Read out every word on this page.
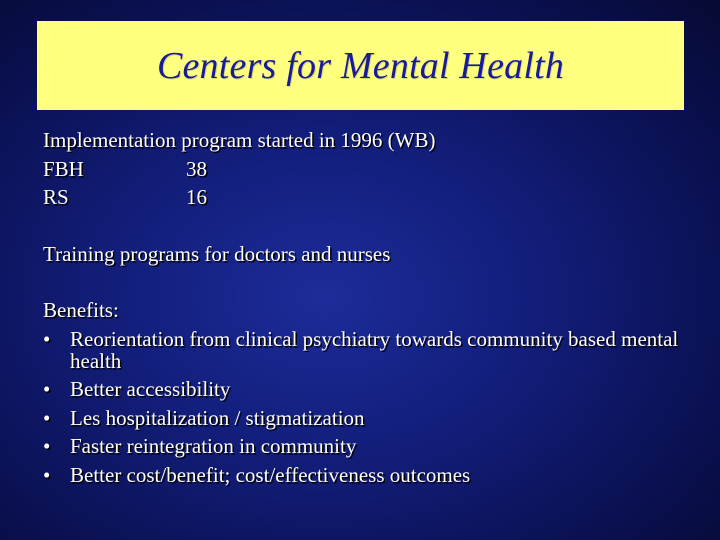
Centers for Mental Health
Implementation program started in 1996 (WB)
FBH	38
RS	16
Training programs for doctors and nurses
Benefits:
• Reorientation from clinical psychiatry towards community based mental health
• Better accessibility
• Les hospitalization / stigmatization
• Faster reintegration in community
• Better cost/benefit; cost/effectiveness outcomes
